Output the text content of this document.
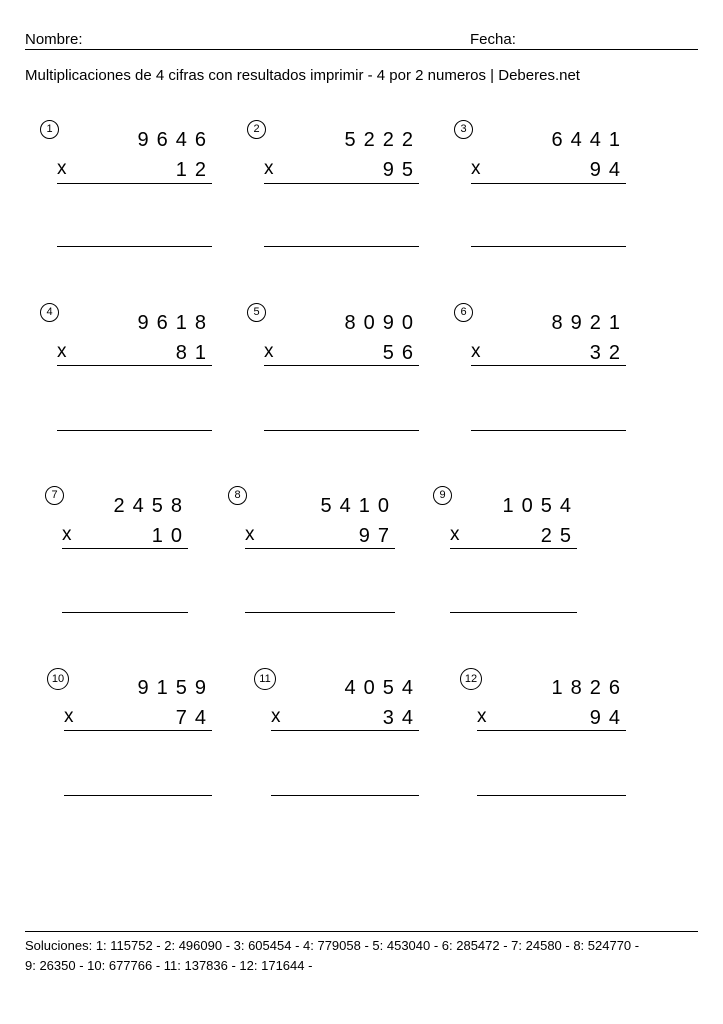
Nombre:	Fecha:
Multiplicaciones de 4 cifras con resultados imprimir - 4 por 2 numeros | Deberes.net
1	9646
x	12
2	5222
x	95
3	6441
x	94
4	9618
x	81
5	8090
x	56
6	8921
x	32
7	2458
x	10
8	5410
x	97
9	1054
x	25
10	9159
x	74
11	4054
x	34
12	1826
x	94
Soluciones: 1: 115752 - 2: 496090 - 3: 605454 - 4: 779058 - 5: 453040 - 6: 285472 - 7: 24580 - 8: 524770 -
9: 26350 - 10: 677766 - 11: 137836 - 12: 171644 -
